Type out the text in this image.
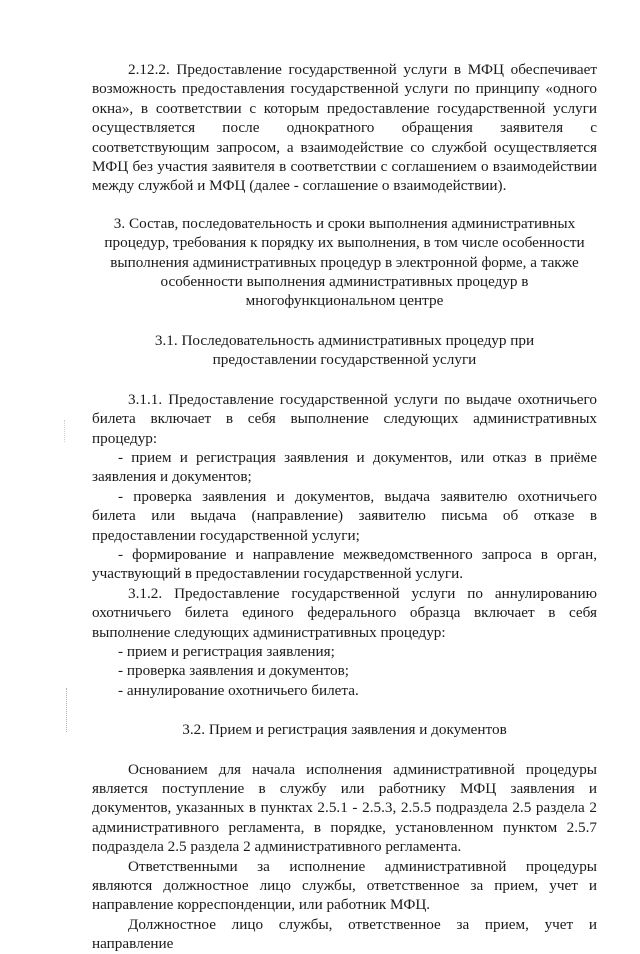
2.12.2. Предоставление государственной услуги в МФЦ обеспечивает возможность предоставления государственной услуги по принципу «одного окна», в соответствии с которым предоставление государственной услуги осуществляется после однократного обращения заявителя с соответствующим запросом, а взаимодействие со службой осуществляется МФЦ без участия заявителя в соответствии с соглашением о взаимодействии между службой и МФЦ (далее - соглашение о взаимодействии).

3. Состав, последовательность и сроки выполнения административных процедур, требования к порядку их выполнения, в том числе особенности выполнения административных процедур в электронной форме, а также особенности выполнения административных процедур в многофункциональном центре

3.1. Последовательность административных процедур при предоставлении государственной услуги

3.1.1. Предоставление государственной услуги по выдаче охотничьего билета включает в себя выполнение следующих административных процедур:

- прием и регистрация заявления и документов, или отказ в приёме заявления и документов;

- проверка заявления и документов, выдача заявителю охотничьего билета или выдача (направление) заявителю письма об отказе в предоставлении государственной услуги;

- формирование и направление межведомственного запроса в орган, участвующий в предоставлении государственной услуги.

3.1.2. Предоставление государственной услуги по аннулированию охотничьего билета единого федерального образца включает в себя выполнение следующих административных процедур:

- прием и регистрация заявления;

- проверка заявления и документов;

- аннулирование охотничьего билета.

3.2. Прием и регистрация заявления и документов

Основанием для начала исполнения административной процедуры является поступление в службу или работнику МФЦ заявления и документов, указанных в пунктах 2.5.1 - 2.5.3, 2.5.5 подраздела 2.5 раздела 2 административного регламента, в порядке, установленном пунктом 2.5.7 подраздела 2.5 раздела 2 административного регламента.

Ответственными за исполнение административной процедуры являются должностное лицо службы, ответственное за прием, учет и направление корреспонденции, или работник МФЦ.

Должностное лицо службы, ответственное за прием, учет и направление
